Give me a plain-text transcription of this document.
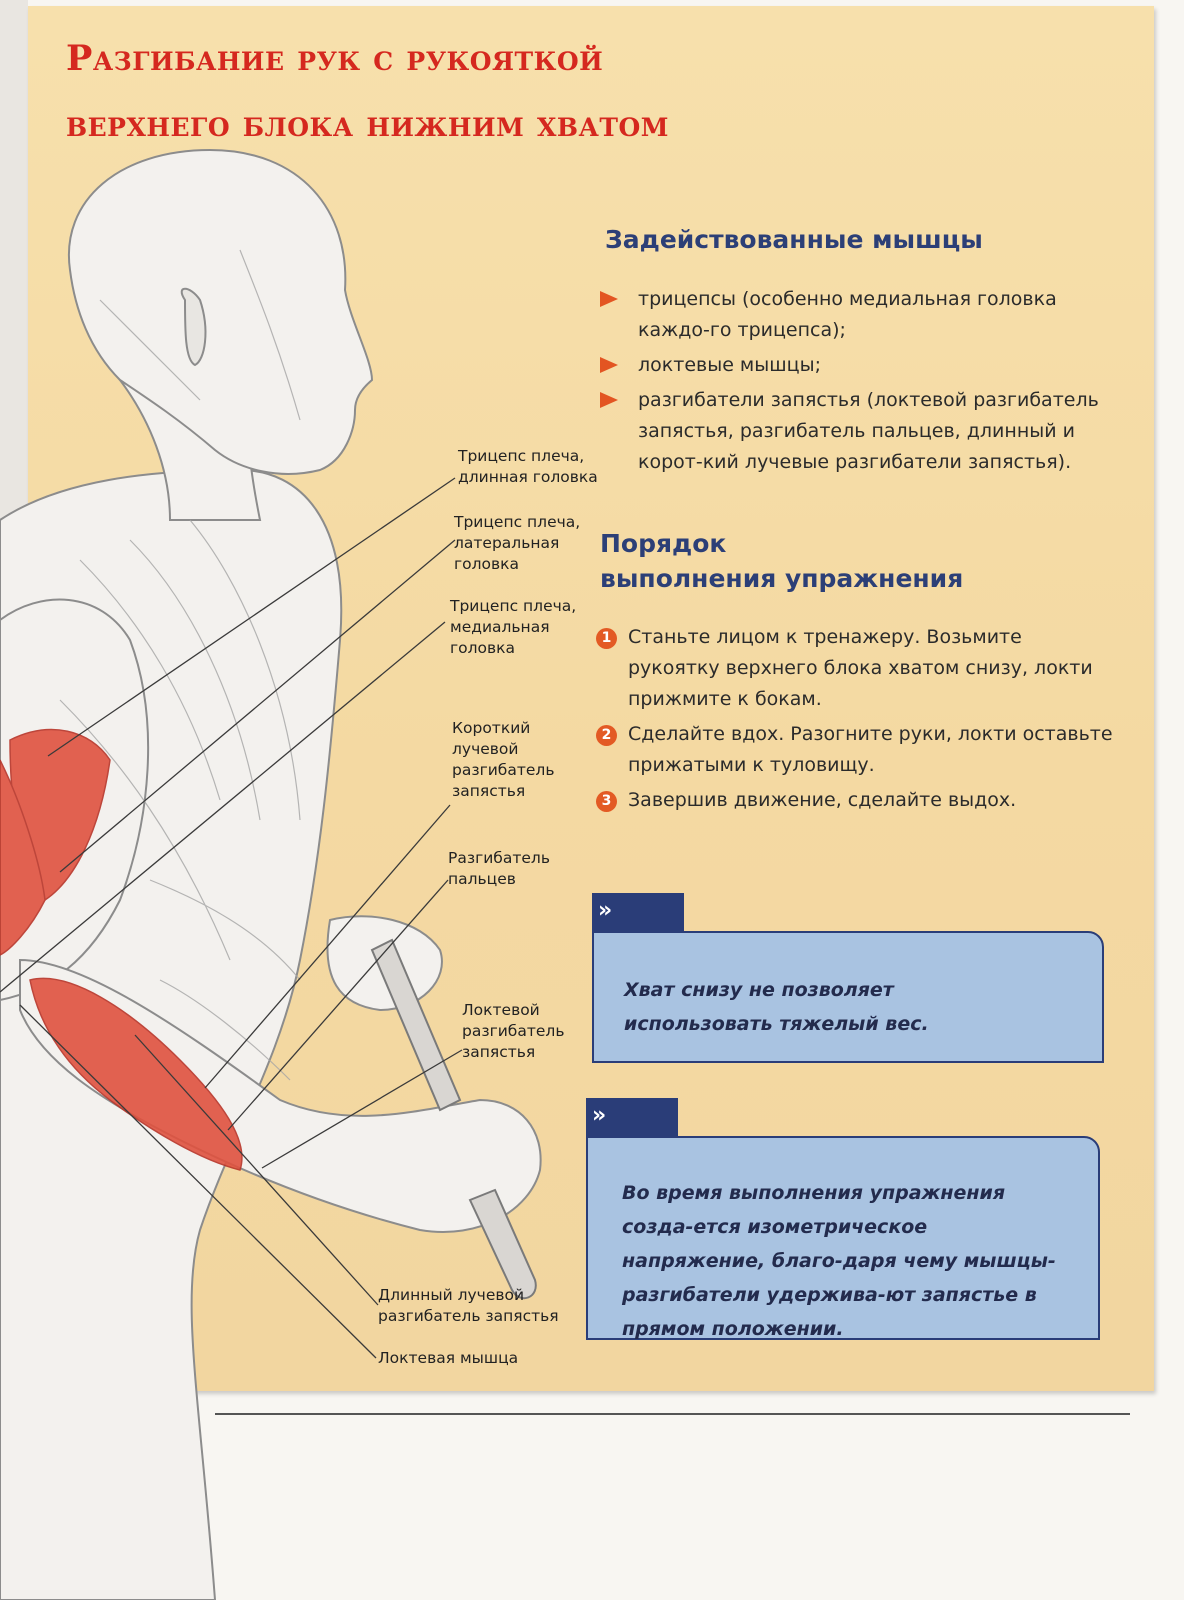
Разгибание рук с рукояткой
верхнего блока нижним хватом
Трицепс плеча,
длинная головка
Трицепс плеча,
латеральная
головка
Трицепс плеча,
медиальная
головка
Короткий
лучевой
разгибатель
запястья
Разгибатель
пальцев
Локтевой
разгибатель
запястья
Длинный лучевой
разгибатель запястья
Локтевая мышца
Задействованные мышцы
трицепсы (особенно медиальная головка каждо-го трицепса);
локтевые мышцы;
разгибатели запястья (локтевой разгибатель запястья, разгибатель пальцев, длинный и корот-кий лучевые разгибатели запястья).
Порядок
выполнения упражнения
1 Станьте лицом к тренажеру. Возьмите рукоятку верхнего блока хватом снизу, локти прижмите к бокам.
2 Сделайте вдох. Разогните руки, локти оставьте прижатыми к туловищу.
3 Завершив движение, сделайте выдох.
»

Хват снизу не позволяет использовать тяжелый вес.

»

Во время выполнения упражнения созда-ется изометрическое напряжение, благо-даря чему мышцы-разгибатели удержива-ют запястье в прямом положении.
